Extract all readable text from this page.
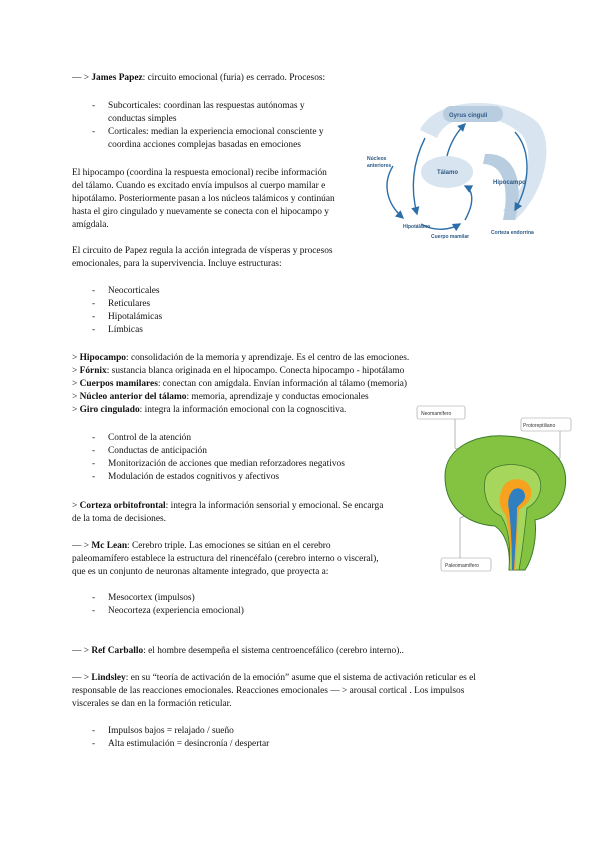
— > James Papez: circuito emocional (furia) es cerrado. Procesos:
- Subcorticales: coordinan las respuestas autónomas y
conductas simples
- Corticales: median la experiencia emocional consciente y
coordina acciones complejas basadas en emociones
El hipocampo (coordina la respuesta emocional) recibe información
del tálamo. Cuando es excitado envía impulsos al cuerpo mamilar e
hipotálamo. Posteriormente pasan a los núcleos talámicos y continúan
hasta el giro cingulado y nuevamente se conecta con el hipocampo y
amígdala.
El circuito de Papez regula la acción integrada de vísperas y procesos
emocionales, para la supervivencia. Incluye estructuras:
- Neocorticales
- Reticulares
- Hipotalámicas
- Límbicas
> Hipocampo: consolidación de la memoria y aprendizaje. Es el centro de las emociones.
> Fórnix: sustancia blanca originada en el hipocampo. Conecta hipocampo - hipotálamo
> Cuerpos mamilares: conectan con amígdala. Envían información al tálamo (memoria)
> Núcleo anterior del tálamo: memoria, aprendizaje y conductas emocionales
> Giro cingulado: integra la información emocional con la cognoscitiva.
- Control de la atención
- Conductas de anticipación
- Monitorización de acciones que median reforzadores negativos
- Modulación de estados cognitivos y afectivos
> Corteza orbitofrontal: integra la información sensorial y emocional. Se encarga
de la toma de decisiones.
— > Mc Lean: Cerebro triple. Las emociones se sitúan en el cerebro
paleomamífero establece la estructura del rinencéfalo (cerebro interno o visceral),
que es un conjunto de neuronas altamente integrado, que proyecta a:
- Mesocortex (impulsos)
- Neocorteza (experiencia emocional)
— > Ref Carballo: el hombre desempeña el sistema centroencefálico (cerebro interno)..
— > Lindsley: en su “teoría de activación de la emoción” asume que el sistema de activación reticular es el
responsable de las reacciones emocionales. Reacciones emocionales — > arousal cortical . Los impulsos
viscerales se dan en la formación reticular.
- Impulsos bajos = relajado / sueño
- Alta estimulación = desincronía / despertar
Gyrus cinguli
Núcleos
anteriores
Tálamo
Hipocampo
Hipotálamo
Cuerpo mamilar
Corteza endorrina
Neomamífero
Protoreptiliano
Paleomamífero
